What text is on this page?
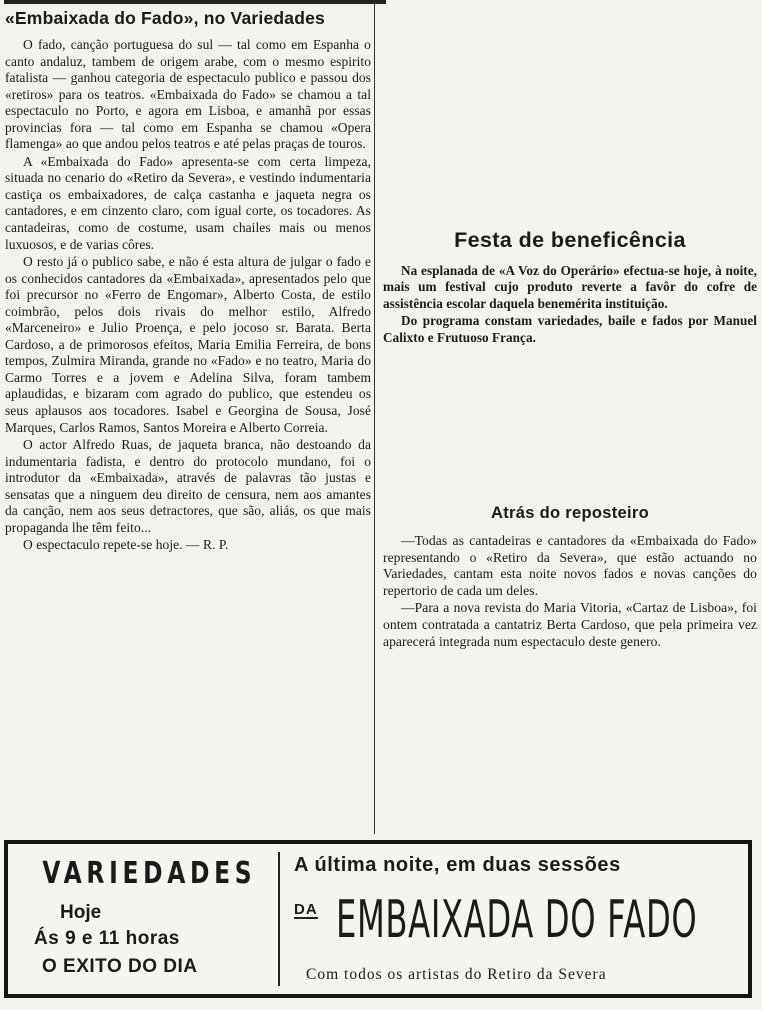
«Embaixada do Fado», no Variedades

O fado, canção portuguesa do sul — tal como em Espanha o canto andaluz, tambem de origem arabe, com o mesmo espirito fatalista — ganhou categoria de espectaculo publico e passou dos «retiros» para os teatros. «Embaixada do Fado» se chamou a tal espectaculo no Porto, e agora em Lisboa, e amanhã por essas provincias fora — tal como em Espanha se chamou «Opera flamenga» ao que andou pelos teatros e até pelas praças de touros.

A «Embaixada do Fado» apresenta-se com certa limpeza, situada no cenario do «Retiro da Severa», e vestindo indumentaria castiça os embaixadores, de calça castanha e jaqueta negra os cantadores, e em cinzento claro, com igual corte, os tocadores. As cantadeiras, como de costume, usam chailes mais ou menos luxuosos, e de varias côres.

O resto já o publico sabe, e não é esta altura de julgar o fado e os conhecidos cantadores da «Embaixada», apresentados pelo que foi precursor no «Ferro de Engomar», Alberto Costa, de estilo coimbrão, pelos dois rivais do melhor estilo, Alfredo «Marceneiro» e Julio Proença, e pelo jocoso sr. Barata. Berta Cardoso, a de primorosos efeitos, Maria Emilia Ferreira, de bons tempos, Zulmira Miranda, grande no «Fado» e no teatro, Maria do Carmo Torres e a jovem e Adelina Silva, foram tambem aplaudidas, e bizaram com agrado do publico, que estendeu os seus aplausos aos tocadores. Isabel e Georgina de Sousa, José Marques, Carlos Ramos, Santos Moreira e Alberto Correia.

O actor Alfredo Ruas, de jaqueta branca, não destoando da indumentaria fadista, e dentro do protocolo mundano, foi o introdutor da «Embaixada», através de palavras tão justas e sensatas que a ninguem deu direito de censura, nem aos amantes da canção, nem aos seus detractores, que são, aliás, os que mais propaganda lhe têm feito...

O espectaculo repete-se hoje. — R. P.

Festa de beneficência

Na esplanada de «A Voz do Operário» efectua-se hoje, à noite, mais um festival cujo produto reverte a favôr do cofre de assistência escolar daquela benemérita instituição.

Do programa constam variedades, baile e fados por Manuel Calixto e Frutuoso França.

Atrás do reposteiro

—Todas as cantadeiras e cantadores da «Embaixada do Fado» representando o «Retiro da Severa», que estão actuando no Variedades, cantam esta noite novos fados e novas canções do repertorio de cada um deles.

—Para a nova revista do Maria Vitoria, «Cartaz de Lisboa», foi ontem contratada a cantatriz Berta Cardoso, que pela primeira vez aparecerá integrada num espectaculo deste genero.

VARIEDADES
Hoje
Ás 9 e 11 horas
O EXITO DO DIA
A última noite, em duas sessões
DA EMBAIXADA DO FADO
Com todos os artistas do Retiro da Severa
